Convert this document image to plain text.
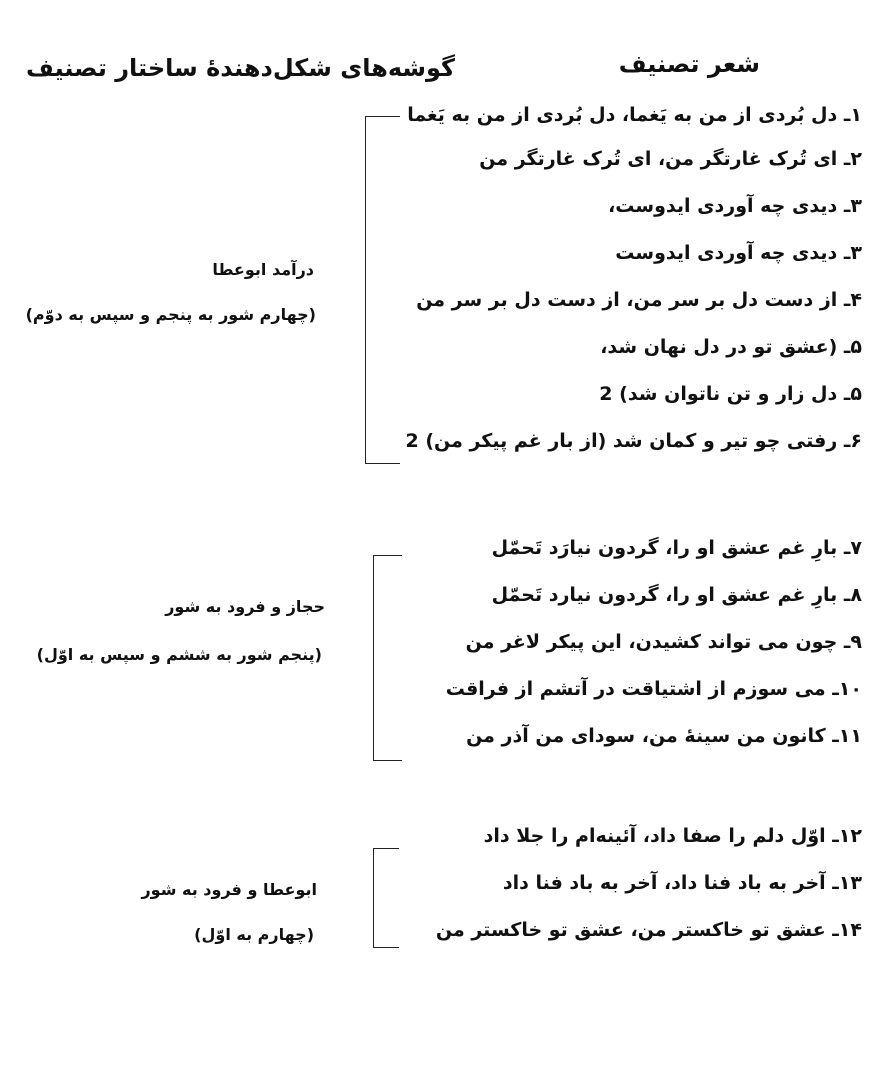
شعر تصنیف
گوشه‌های شکل‌دهندهٔ ساختار تصنیف
۱ـ دل بُردی از من به یَغما، دل بُردی از من به یَغما
۲ـ ای تُرک غارتگر من، ای تُرک غارتگر من
۳ـ دیدی چه آوردی ایدوست،
۳ـ دیدی چه آوردی ایدوست
۴ـ از دست دل بر سر من، از دست دل بر سر من
۵ـ (عشق تو در دل نهان شد،
۵ـ دل زار و تن ناتوان شد) 2
۶ـ رفتی چو تیر و کمان شد (از بار غم پیکر من) 2
درآمد ابوعطا
(چهارم شور به پنجم و سپس به دوّم)
۷ـ بارِ غم عشق او را، گردون نیارَد تَحمّل
۸ـ بارِ غم عشق او را، گردون نیارد تَحمّل
۹ـ چون می تواند کشیدن، این پیکر لاغر من
۱۰ـ می سوزم از اشتیاقت در آتشم از فراقت
۱۱ـ کانون من سینهٔ من، سودای من آذر من
حجاز و فرود به شور
(پنجم شور به ششم و سپس به اوّل)
۱۲ـ اوّل دلم را صفا داد، آئینه‌ام را جلا داد
۱۳ـ آخر به باد فنا داد، آخر به باد فنا داد
۱۴ـ عشق تو خاکستر من، عشق تو خاکستر من
ابوعطا و فرود به شور
(چهارم به اوّل)
